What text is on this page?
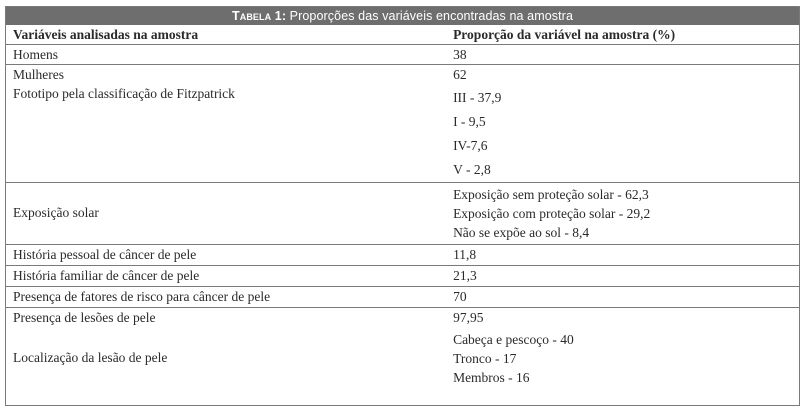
Tabela 1: Proporções das variáveis encontradas na amostra
Variáveis analisadas na amostra	Proporção da variável na amostra (%)
Homens	38
Mulheres	62
Fototipo pela classificação de Fitzpatrick	III - 37,9
I - 9,5
IV-7,6
V - 2,8

Exposição solar	Exposição sem proteção solar - 62,3
Exposição com proteção solar - 29,2
Não se expõe ao sol - 8,4

História pessoal de câncer de pele	11,8
História familiar de câncer de pele	21,3
Presença de fatores de risco para câncer de pele	70
Presença de lesões de pele	97,95
Localização da lesão de pele	Cabeça e pescoço - 40
Tronco - 17
Membros - 16
